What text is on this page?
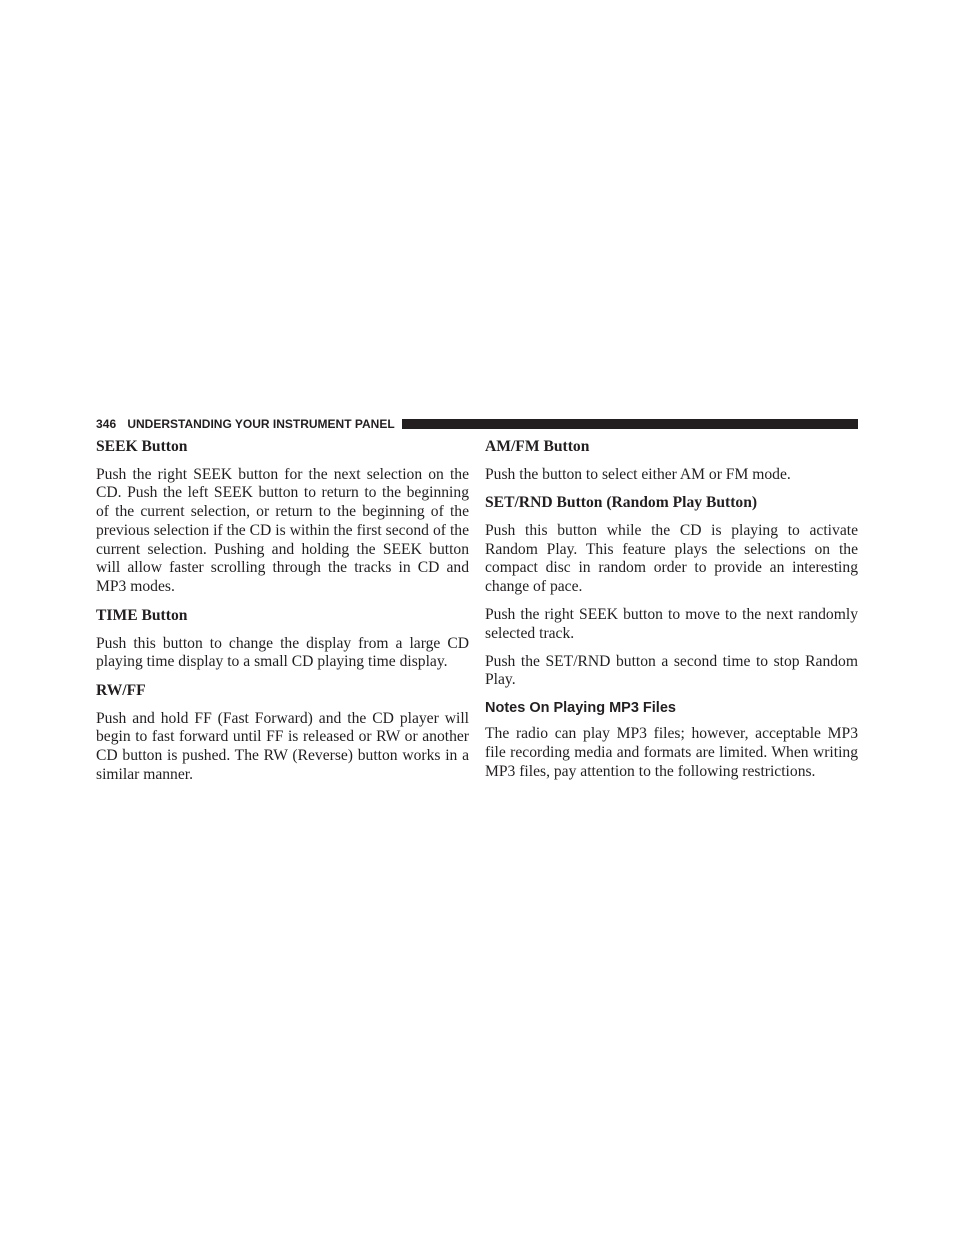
346 UNDERSTANDING YOUR INSTRUMENT PANEL
SEEK Button

Push the right SEEK button for the next selection on the CD. Push the left SEEK button to return to the beginning of the current selection, or return to the beginning of the previous selection if the CD is within the first second of the current selection. Pushing and holding the SEEK button will allow faster scrolling through the tracks in CD and MP3 modes.

TIME Button

Push this button to change the display from a large CD playing time display to a small CD playing time display.

RW/FF

Push and hold FF (Fast Forward) and the CD player will begin to fast forward until FF is released or RW or another CD button is pushed. The RW (Reverse) button works in a similar manner.

AM/FM Button

Push the button to select either AM or FM mode.

SET/RND Button (Random Play Button)

Push this button while the CD is playing to activate Random Play. This feature plays the selections on the compact disc in random order to provide an interesting change of pace.

Push the right SEEK button to move to the next randomly selected track.

Push the SET/RND button a second time to stop Random Play.

Notes On Playing MP3 Files

The radio can play MP3 files; however, acceptable MP3 file recording media and formats are limited. When writing MP3 files, pay attention to the following restrictions.
